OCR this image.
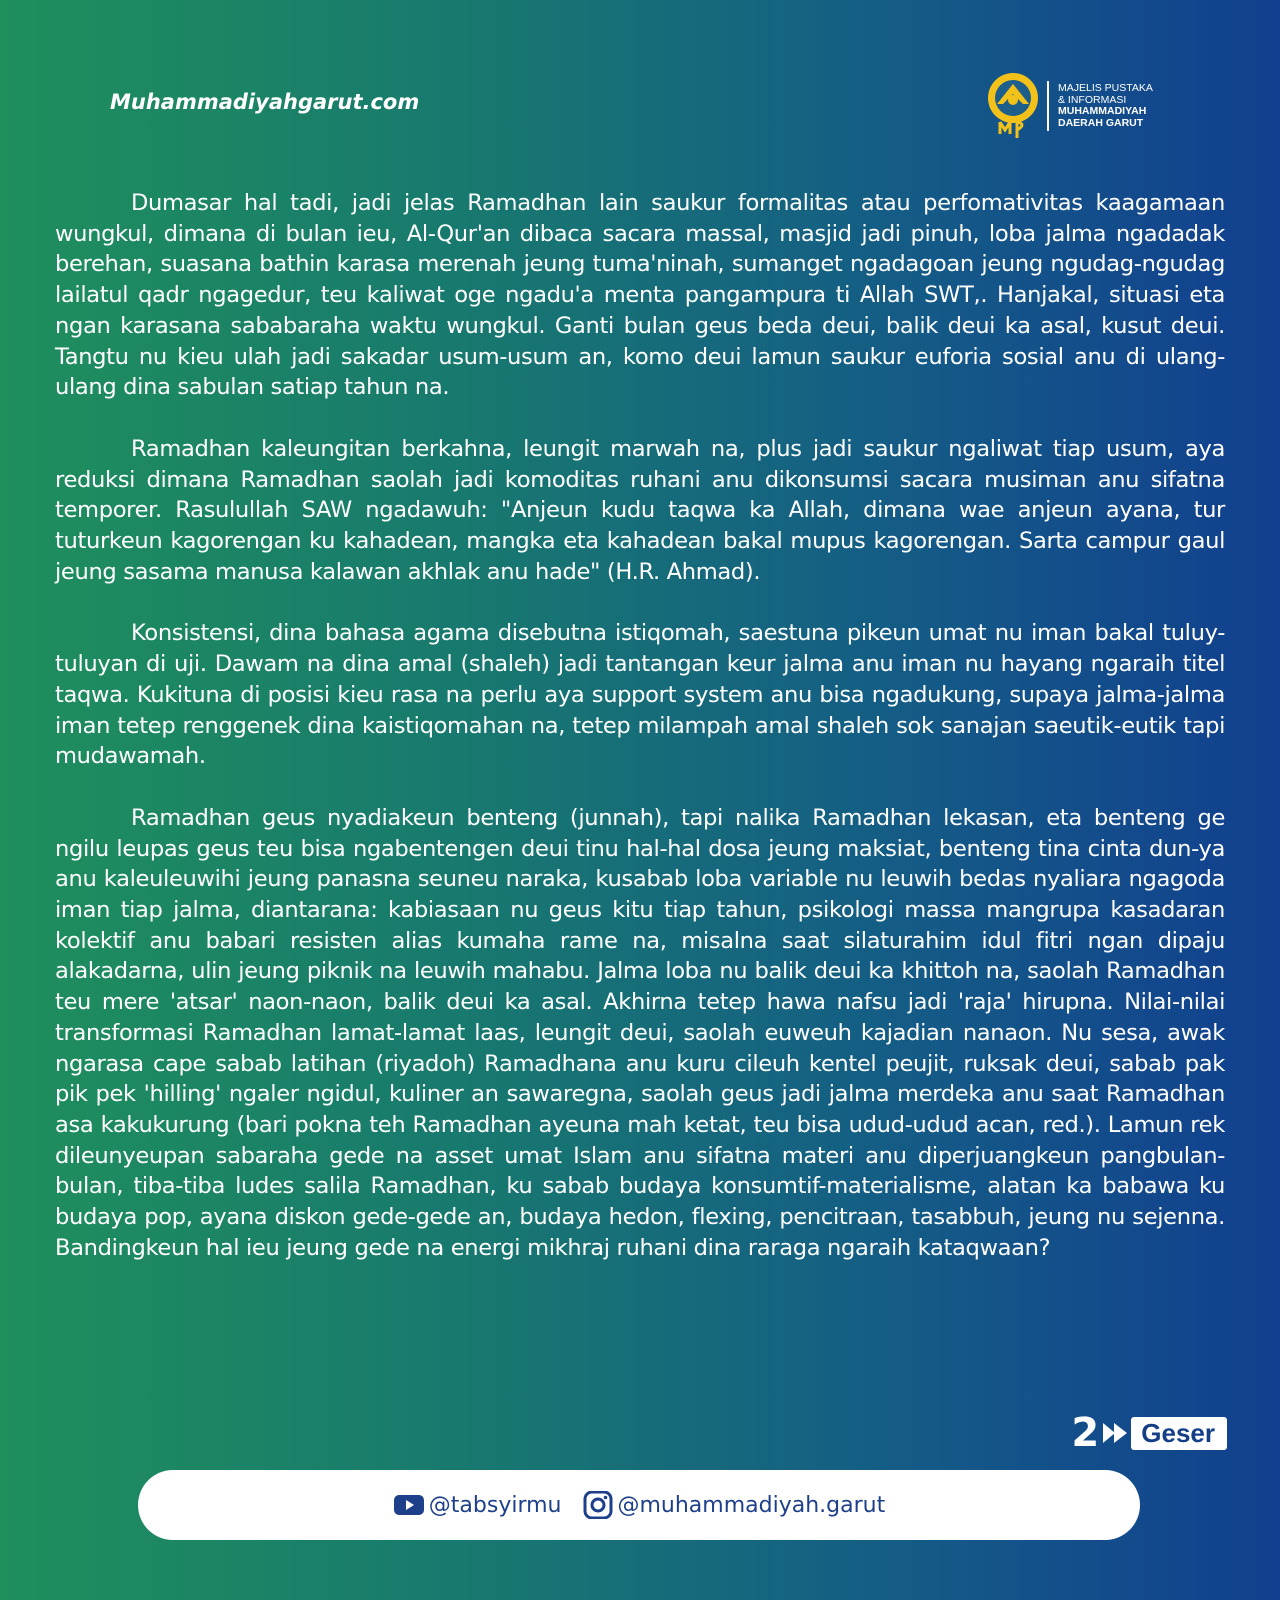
Muhammadiyahgarut.com
MAJELIS PUSTAKA
& INFORMASI
MUHAMMADIYAH
DAERAH GARUT

Dumasar hal tadi, jadi jelas Ramadhan lain saukur formalitas atau perfomativitas kaagamaan wungkul, dimana di bulan ieu, Al-Qur'an dibaca sacara massal, masjid jadi pinuh, loba jalma ngadadak berehan, suasana bathin karasa merenah jeung tuma'ninah, sumanget ngadagoan jeung ngudag-ngudag lailatul qadr ngagedur, teu kaliwat oge ngadu'a menta pangampura ti Allah SWT,. Hanjakal, situasi eta ngan karasana sababaraha waktu wungkul. Ganti bulan geus beda deui, balik deui ka asal, kusut deui. Tangtu nu kieu ulah jadi sakadar usum-usum an, komo deui lamun saukur euforia sosial anu di ulang-ulang dina sabulan satiap tahun na.

Ramadhan kaleungitan berkahna, leungit marwah na, plus jadi saukur ngaliwat tiap usum, aya reduksi dimana Ramadhan saolah jadi komoditas ruhani anu dikonsumsi sacara musiman anu sifatna temporer. Rasulullah SAW ngadawuh: "Anjeun kudu taqwa ka Allah, dimana wae anjeun ayana, tur tuturkeun kagorengan ku kahadean, mangka eta kahadean bakal mupus kagorengan. Sarta campur gaul jeung sasama manusa kalawan akhlak anu hade" (H.R. Ahmad).

Konsistensi, dina bahasa agama disebutna istiqomah, saestuna pikeun umat nu iman bakal tuluy-tuluyan di uji. Dawam na dina amal (shaleh) jadi tantangan keur jalma anu iman nu hayang ngaraih titel taqwa. Kukituna di posisi kieu rasa na perlu aya support system anu bisa ngadukung, supaya jalma-jalma iman tetep renggenek dina kaistiqomahan na, tetep milampah amal shaleh sok sanajan saeutik-eutik tapi mudawamah.

Ramadhan geus nyadiakeun benteng (junnah), tapi nalika Ramadhan lekasan, eta benteng ge ngilu leupas geus teu bisa ngabentengen deui tinu hal-hal dosa jeung maksiat, benteng tina cinta dun-ya anu kaleuleuwihi jeung panasna seuneu naraka, kusabab loba variable nu leuwih bedas nyaliara ngagoda iman tiap jalma, diantarana: kabiasaan nu geus kitu tiap tahun, psikologi massa mangrupa kasadaran kolektif anu babari resisten alias kumaha rame na, misalna saat silaturahim idul fitri ngan dipaju alakadarna, ulin jeung piknik na leuwih mahabu. Jalma loba nu balik deui ka khittoh na, saolah Ramadhan teu mere 'atsar' naon-naon, balik deui ka asal. Akhirna tetep hawa nafsu jadi 'raja' hirupna. Nilai-nilai transformasi Ramadhan lamat-lamat laas, leungit deui, saolah euweuh kajadian nanaon. Nu sesa, awak ngarasa cape sabab latihan (riyadoh) Ramadhana anu kuru cileuh kentel peujit, ruksak deui, sabab pak pik pek 'hilling' ngaler ngidul, kuliner an sawaregna, saolah geus jadi jalma merdeka anu saat Ramadhan asa kakukurung (bari pokna teh Ramadhan ayeuna mah ketat, teu bisa udud-udud acan, red.). Lamun rek dileunyeupan sabaraha gede na asset umat Islam anu sifatna materi anu diperjuangkeun pangbulan-bulan, tiba-tiba ludes salila Ramadhan, ku sabab budaya konsumtif-materialisme, alatan ka babawa ku budaya pop, ayana diskon gede-gede an, budaya hedon, flexing, pencitraan, tasabbuh, jeung nu sejenna. Bandingkeun hal ieu jeung gede na energi mikhraj ruhani dina raraga ngaraih kataqwaan?

2	Geser
@tabsyirmu	@muhammadiyah.garut
